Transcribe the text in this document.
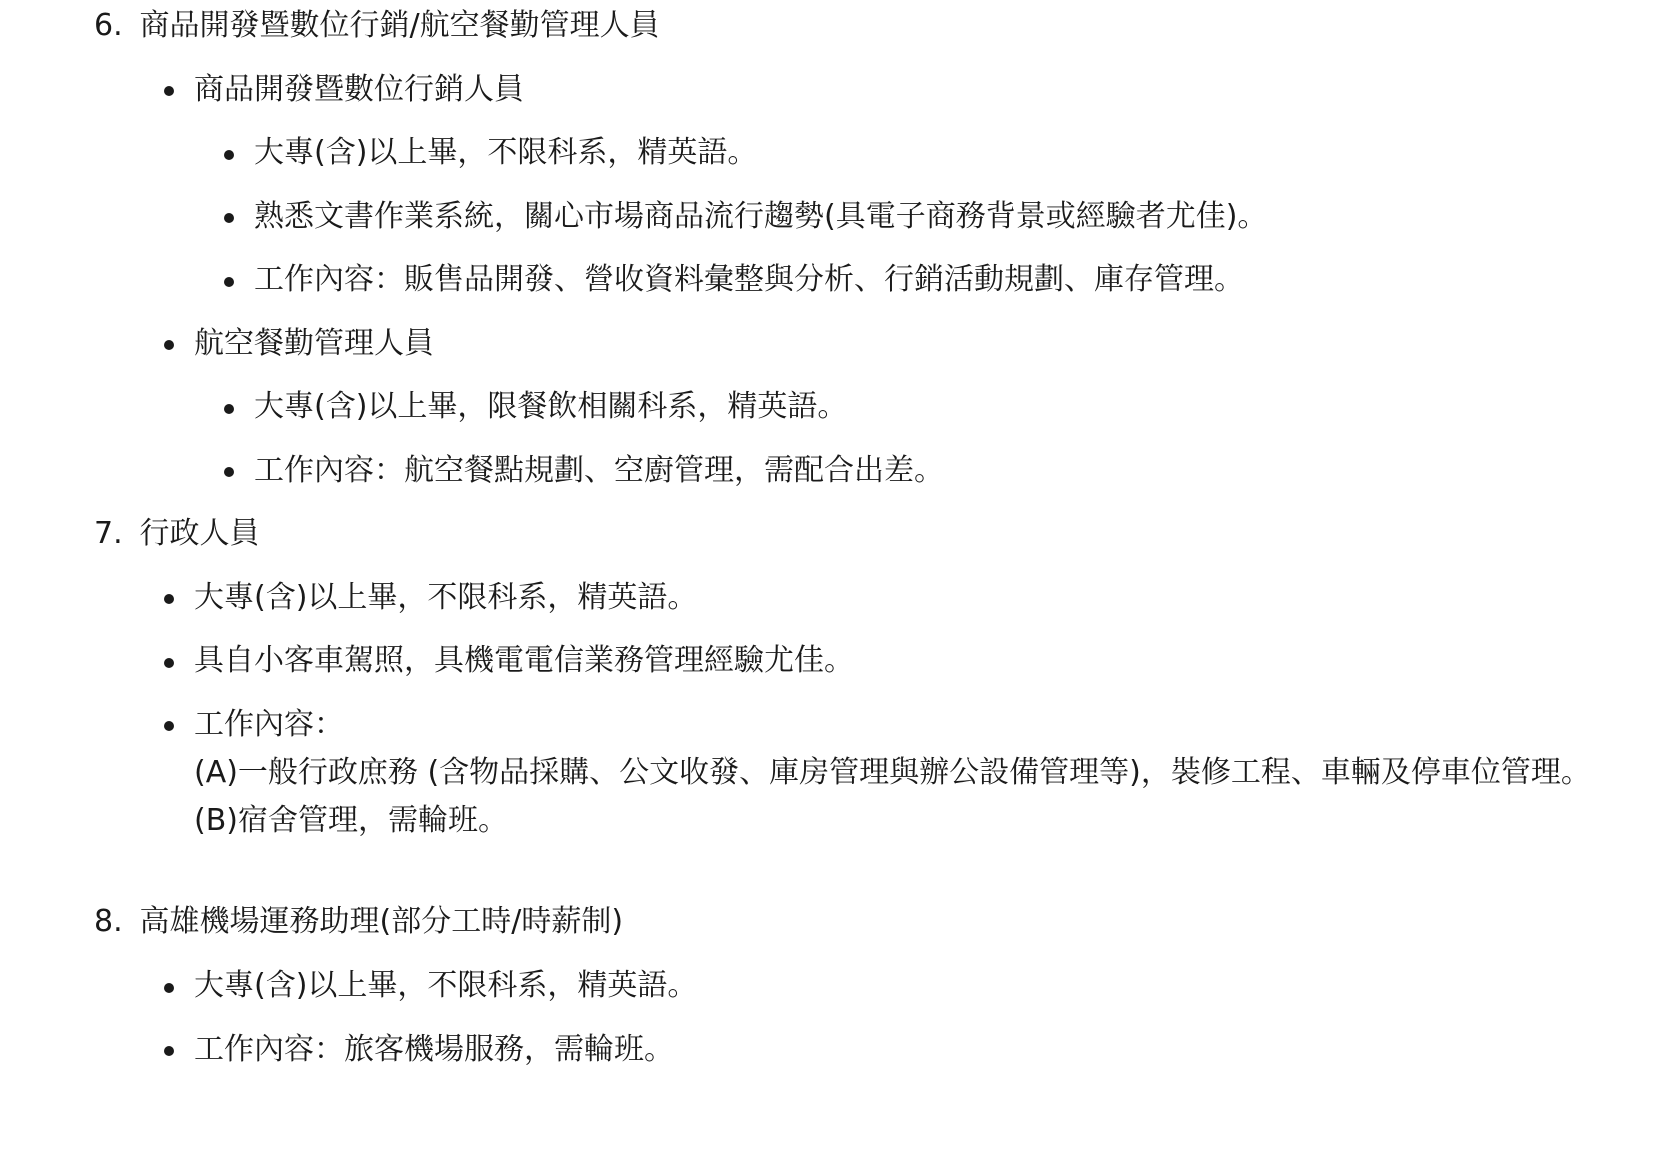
6. 商品開發暨數位行銷/航空餐勤管理人員
商品開發暨數位行銷人員
大專(含)以上畢，不限科系，精英語。
熟悉文書作業系統，關心市場商品流行趨勢(具電子商務背景或經驗者尤佳)。
工作內容：販售品開發、營收資料彙整與分析、行銷活動規劃、庫存管理。
航空餐勤管理人員
大專(含)以上畢，限餐飲相關科系，精英語。
工作內容：航空餐點規劃、空廚管理，需配合出差。
7. 行政人員
大專(含)以上畢，不限科系，精英語。
具自小客車駕照，具機電電信業務管理經驗尤佳。
工作內容：
(A)一般行政庶務 (含物品採購、公文收發、庫房管理與辦公設備管理等)，裝修工程、車輛及停車位管理。
(B)宿舍管理，需輪班。
8. 高雄機場運務助理(部分工時/時薪制)
大專(含)以上畢，不限科系，精英語。
工作內容：旅客機場服務，需輪班。
